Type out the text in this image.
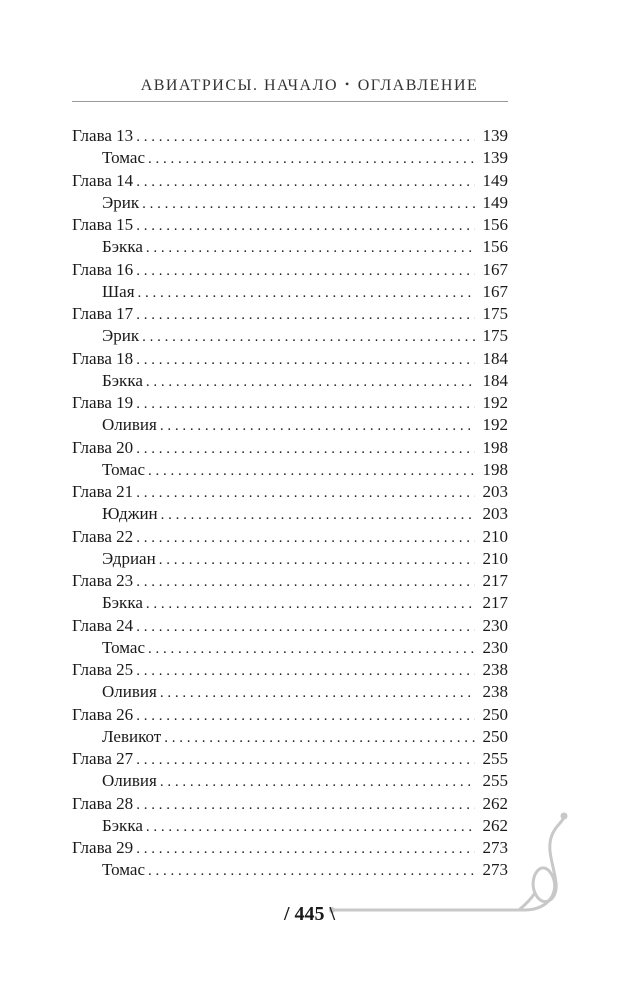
АВИАТРИСЫ. НАЧАЛО • ОГЛАВЛЕНИЕ
Глава 13 . . .	139
Томас . . .	139
Глава 14 . . .	149
Эрик . . .	149
Глава 15 . . .	156
Бэкка . . .	156
Глава 16 . . .	167
Шая . . .	167
Глава 17 . . .	175
Эрик . . .	175
Глава 18 . . .	184
Бэкка . . .	184
Глава 19 . . .	192
Оливия . . .	192
Глава 20 . . .	198
Томас . . .	198
Глава 21 . . .	203
Юджин . . .	203
Глава 22 . . .	210
Эдриан . . .	210
Глава 23 . . .	217
Бэкка . . .	217
Глава 24 . . .	230
Томас . . .	230
Глава 25 . . .	238
Оливия . . .	238
Глава 26 . . .	250
Левикот . . .	250
Глава 27 . . .	255
Оливия . . .	255
Глава 28 . . .	262
Бэкка . . .	262
Глава 29 . . .	273
Томас . . .	273
/ 445 \
